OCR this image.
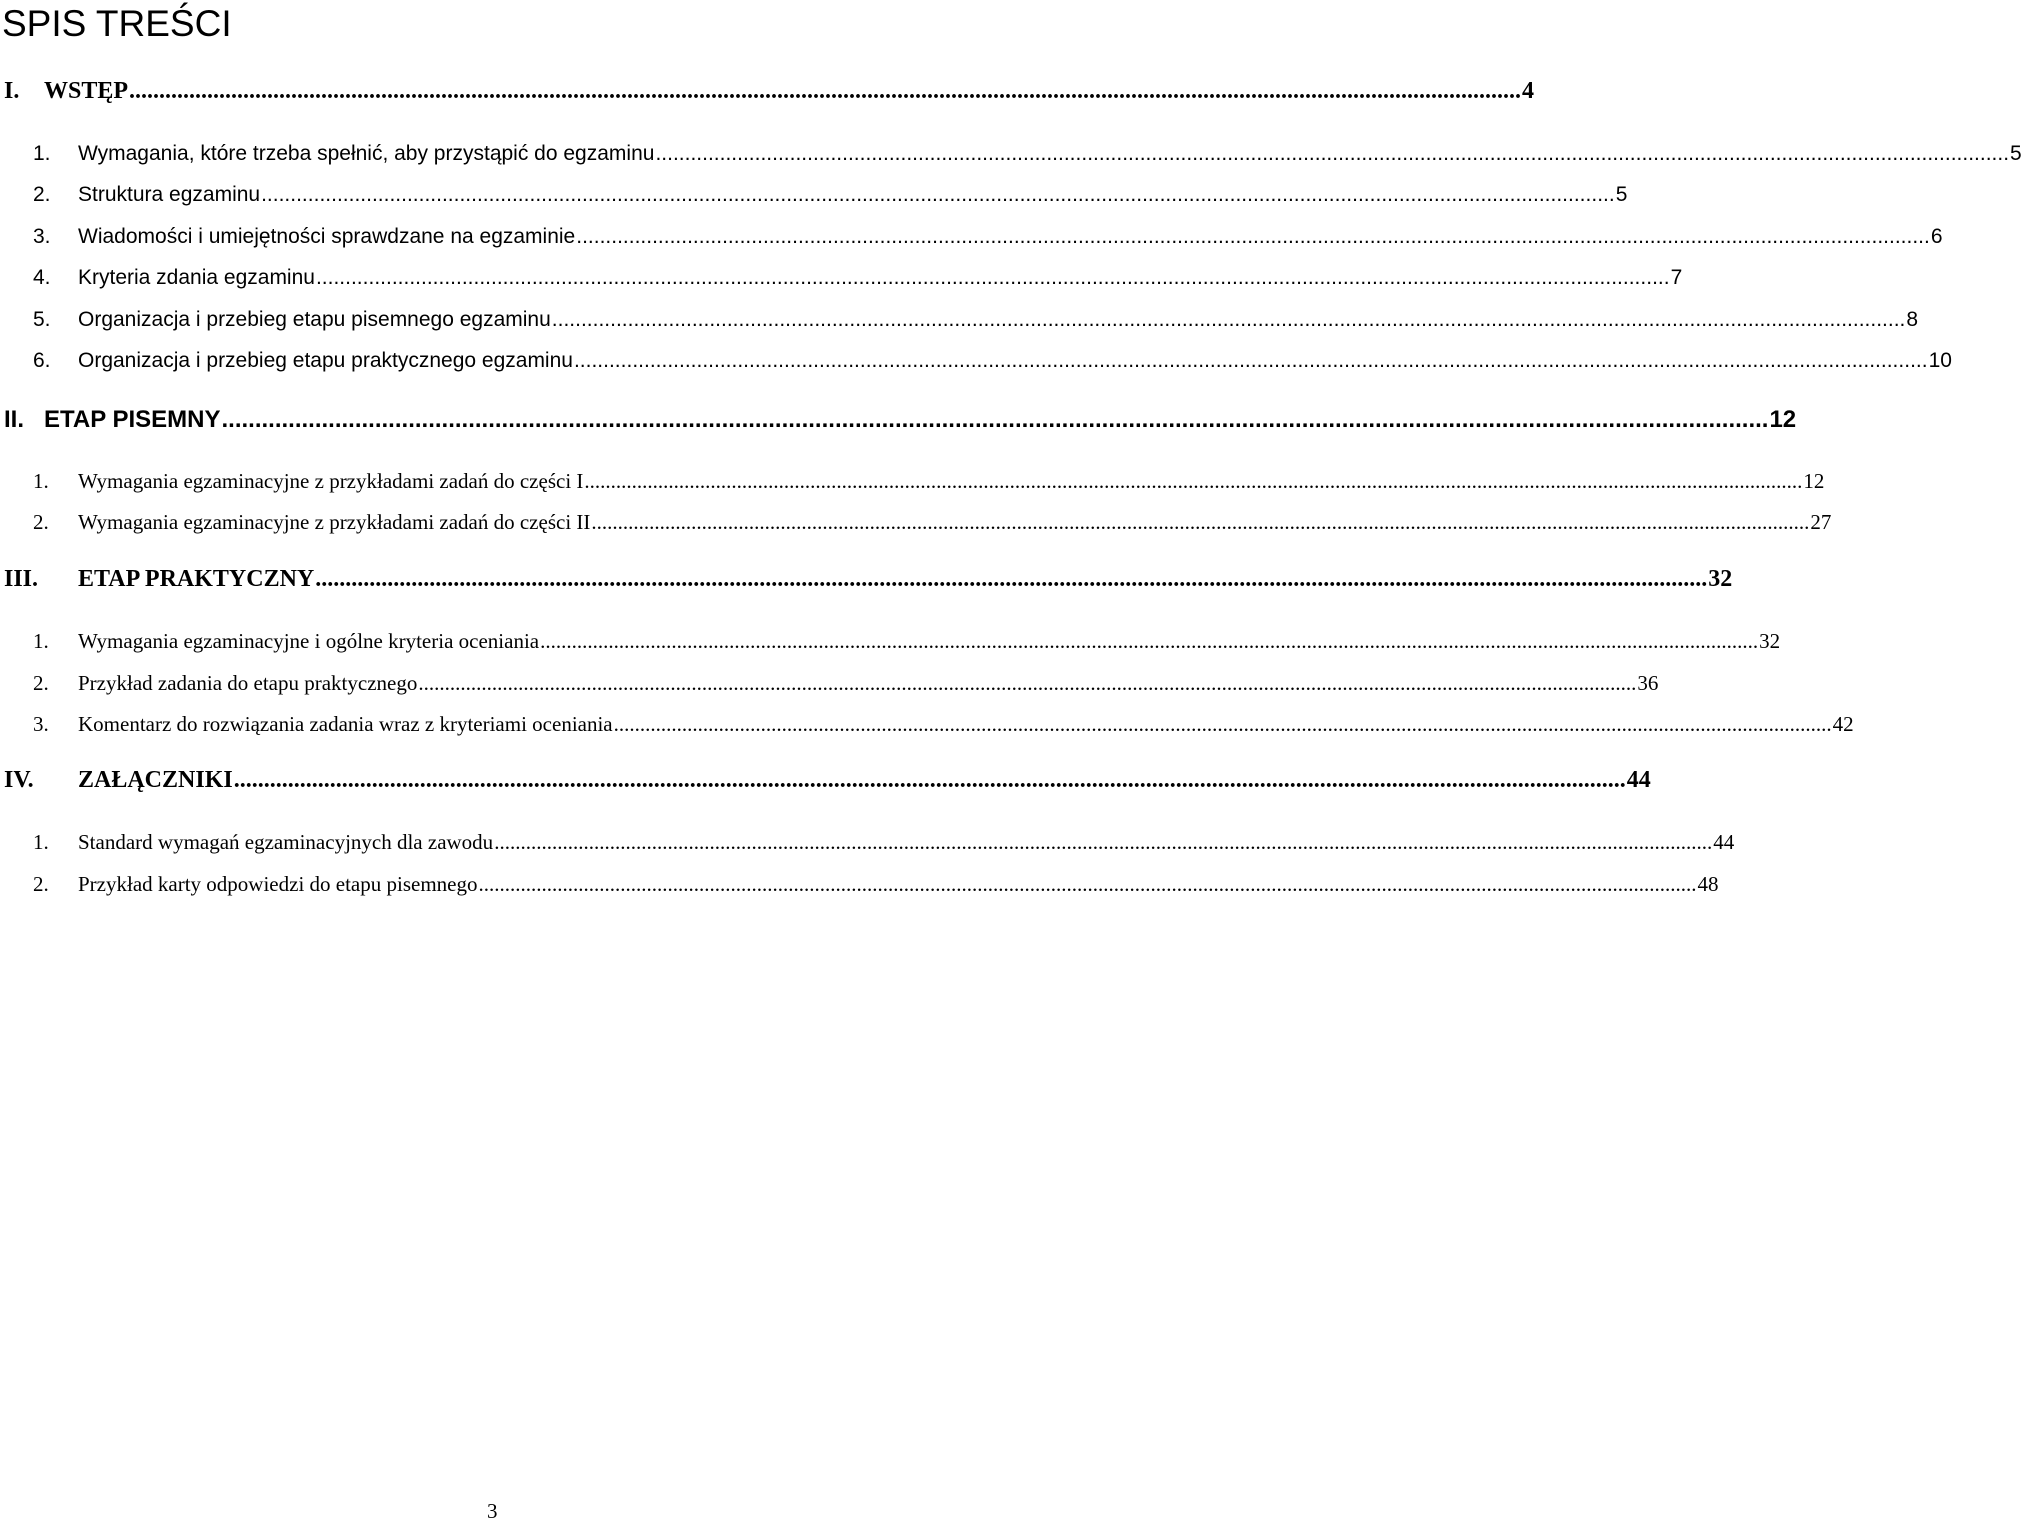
SPIS TREŚCI
I.	WSTĘP ........................................................................................................................................................................................................................................ 4
1.	Wymagania, które trzeba spełnić, aby przystąpić do egzaminu ........................................................................................................................................................................................................................................ 5
2.	Struktura egzaminu ........................................................................................................................................................................................................................................ 5
3.	Wiadomości i umiejętności sprawdzane na egzaminie ........................................................................................................................................................................................................................................ 6
4.	Kryteria zdania egzaminu ........................................................................................................................................................................................................................................ 7
5.	Organizacja i przebieg etapu pisemnego egzaminu ........................................................................................................................................................................................................................................ 8
6.	Organizacja i przebieg etapu praktycznego egzaminu ........................................................................................................................................................................................................................................ 10
II. ETAP PISEMNY ........................................................................................................................................................................................................................................ 12
1.	Wymagania egzaminacyjne z przykładami zadań do części I ........................................................................................................................................................................................................................................ 12
2.	Wymagania egzaminacyjne z przykładami zadań do części II ........................................................................................................................................................................................................................................ 27
III.	ETAP PRAKTYCZNY ........................................................................................................................................................................................................................................ 32
1.	Wymagania egzaminacyjne i ogólne kryteria oceniania ........................................................................................................................................................................................................................................ 32
2.	Przykład zadania do etapu praktycznego ........................................................................................................................................................................................................................................ 36
3.	Komentarz do rozwiązania zadania wraz z kryteriami oceniania ........................................................................................................................................................................................................................................ 42
IV.	ZAŁĄCZNIKI ........................................................................................................................................................................................................................................ 44
1.	Standard wymagań egzaminacyjnych dla zawodu ........................................................................................................................................................................................................................................ 44
2.	Przykład karty odpowiedzi do etapu pisemnego ........................................................................................................................................................................................................................................ 48
3
